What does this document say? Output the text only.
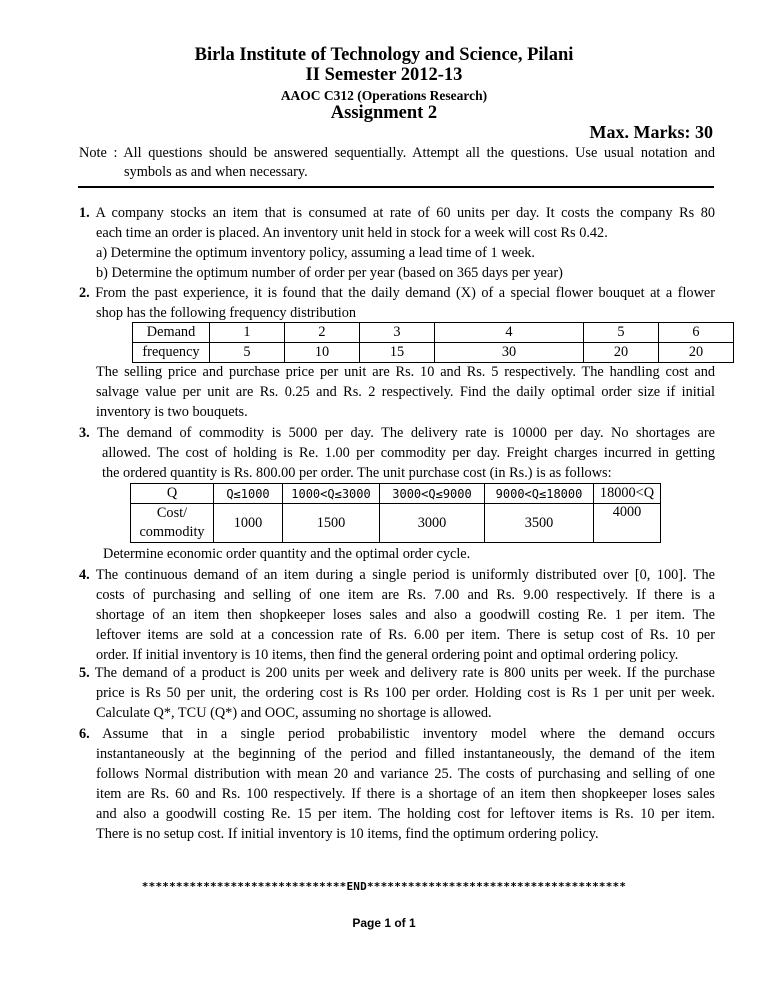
Birla Institute of Technology and Science, Pilani
II Semester 2012-13
AAOC C312 (Operations Research)
Assignment 2
Max. Marks: 30
Note : All questions should be answered sequentially. Attempt all the questions. Use usual notation and
symbols as and when necessary.
1. A company stocks an item that is consumed at rate of 60 units per day. It costs the company Rs 80
each time an order is placed. An inventory unit held in stock for a week will cost Rs 0.42.
a) Determine the optimum inventory policy, assuming a lead time of 1 week.
b) Determine the optimum number of order per year (based on 365 days per year)
2. From the past experience, it is found that the daily demand (X) of a special flower bouquet at a flower
shop has the following frequency distribution
Demand	1	2	3	4	5	6
frequency	5	10	15	30	20	20
The selling price and purchase price per unit are Rs. 10 and Rs. 5 respectively. The handling cost and
salvage value per unit are Rs. 0.25 and Rs. 2 respectively. Find the daily optimal order size if initial
inventory is two bouquets.
3. The demand of commodity is 5000 per day. The delivery rate is 10000 per day. No shortages are
allowed. The cost of holding is Re. 1.00 per commodity per day. Freight charges incurred in getting
the ordered quantity is Rs. 800.00 per order. The unit purchase cost (in Rs.) is as follows:
Q	Q≤1000	1000<Q≤3000	3000<Q≤9000	9000<Q≤18000	18000<Q

Cost/
commodity	1000	1500	3000	3500	4000
Determine economic order quantity and the optimal order cycle.
4. The continuous demand of an item during a single period is uniformly distributed over [0, 100]. The
costs of purchasing and selling of one item are Rs. 7.00 and Rs. 9.00 respectively. If there is a
shortage of an item then shopkeeper loses sales and also a goodwill costing Re. 1 per item. The
leftover items are sold at a concession rate of Rs. 6.00 per item. There is setup cost of Rs. 10 per
order. If initial inventory is 10 items, then find the general ordering point and optimal ordering policy.
5. The demand of a product is 200 units per week and delivery rate is 800 units per week. If the purchase
price is Rs 50 per unit, the ordering cost is Rs 100 per order. Holding cost is Rs 1 per unit per week.
Calculate Q*, TCU (Q*) and OOC, assuming no shortage is allowed.
6. Assume that in a single period probabilistic inventory model where the demand occurs
instantaneously at the beginning of the period and filled instantaneously, the demand of the item
follows Normal distribution with mean 20 and variance 25. The costs of purchasing and selling of one
item are Rs. 60 and Rs. 100 respectively. If there is a shortage of an item then shopkeeper loses sales
and also a goodwill costing Re. 15 per item. The holding cost for leftover items is Rs. 10 per item.
There is no setup cost. If initial inventory is 10 items, find the optimum ordering policy.
******************************END**************************************
Page 1 of 1
